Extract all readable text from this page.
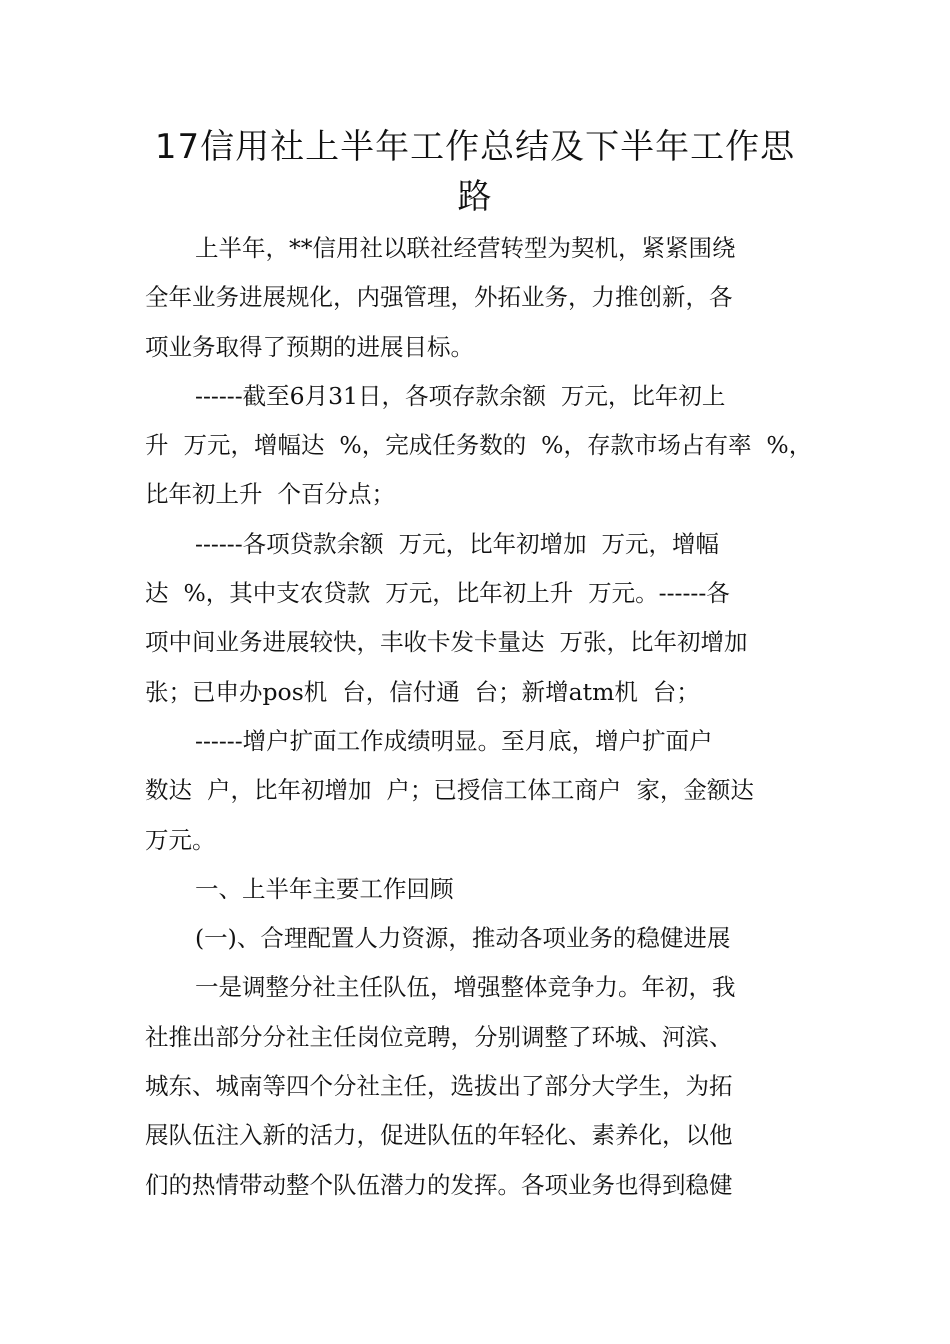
17信用社上半年工作总结及下半年工作思
路
上半年，**信用社以联社经营转型为契机，紧紧围绕
全年业务进展规化，内强管理，外拓业务，力推创新，各
项业务取得了预期的进展目标。
------截至6月31日，各项存款余额  万元，比年初上
升  万元，增幅达  %，完成任务数的  %，存款市场占有率  %，
比年初上升  个百分点；
------各项贷款余额  万元，比年初增加  万元，增幅
达  %，其中支农贷款  万元，比年初上升  万元。------各
项中间业务进展较快，丰收卡发卡量达  万张，比年初增加
张；已申办pos机  台，信付通  台；新增atm机  台；
------增户扩面工作成绩明显。至月底，增户扩面户
数达  户，比年初增加  户；已授信工体工商户  家，金额达
万元。
一、上半年主要工作回顾
(一)、合理配置人力资源，推动各项业务的稳健进展
一是调整分社主任队伍，增强整体竞争力。年初，我
社推出部分分社主任岗位竞聘，分别调整了环城、河滨、
城东、城南等四个分社主任，选拔出了部分大学生，为拓
展队伍注入新的活力，促进队伍的年轻化、素养化，以他
们的热情带动整个队伍潜力的发挥。各项业务也得到稳健
